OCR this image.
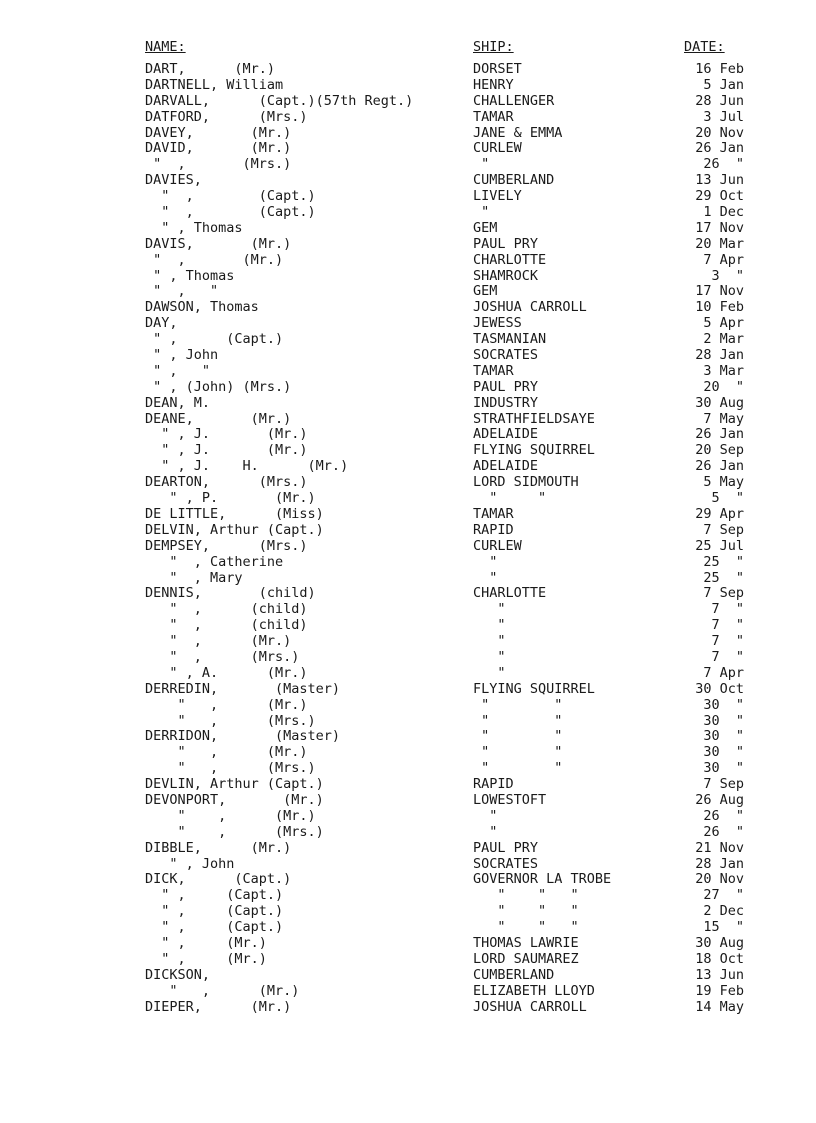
NAME:	SHIP:	DATE:
DART,      (Mr.)	DORSET	16 Feb
DARTNELL, William	HENRY	5 Jan
DARVALL,      (Capt.)(57th Regt.)	CHALLENGER	28 Jun
DATFORD,      (Mrs.)	TAMAR	3 Jul
DAVEY,       (Mr.)	JANE & EMMA	20 Nov
DAVID,       (Mr.)	CURLEW	26 Jan
"  ,       (Mrs.)	"	26  "
DAVIES,	CUMBERLAND	13 Jun
"  ,        (Capt.)	LIVELY	29 Oct
"  ,        (Capt.)	"	1 Dec
" , Thomas	GEM	17 Nov
DAVIS,       (Mr.)	PAUL PRY	20 Mar
"  ,       (Mr.)	CHARLOTTE	7 Apr
" , Thomas	SHAMROCK	3  "
"  ,   "	GEM	17 Nov
DAWSON, Thomas	JOSHUA CARROLL	10 Feb
DAY,	JEWESS	5 Apr
" ,      (Capt.)	TASMANIAN	2 Mar
" , John	SOCRATES	28 Jan
" ,   "	TAMAR	3 Mar
" , (John) (Mrs.)	PAUL PRY	20  "
DEAN, M.	INDUSTRY	30 Aug
DEANE,       (Mr.)	STRATHFIELDSAYE	7 May
" , J.       (Mr.)	ADELAIDE	26 Jan
" , J.       (Mr.)	FLYING SQUIRREL	20 Sep
" , J.    H.      (Mr.)	ADELAIDE	26 Jan
DEARTON,      (Mrs.)	LORD SIDMOUTH	5 May
" , P.       (Mr.)	"     "	5  "
DE LITTLE,      (Miss)	TAMAR	29 Apr
DELVIN, Arthur (Capt.)	RAPID	7 Sep
DEMPSEY,      (Mrs.)	CURLEW	25 Jul
"  , Catherine	"	25  "
"  , Mary	"	25  "
DENNIS,       (child)	CHARLOTTE	7 Sep
"  ,      (child)	"	7  "
"  ,      (child)	"	7  "
"  ,      (Mr.)	"	7  "
"  ,      (Mrs.)	"	7  "
" , A.      (Mr.)	"	7 Apr
DERREDIN,       (Master)	FLYING SQUIRREL	30 Oct
"   ,      (Mr.)	"        "	30  "
"   ,      (Mrs.)	"        "	30  "
DERRIDON,       (Master)	"        "	30  "
"   ,      (Mr.)	"        "	30  "
"   ,      (Mrs.)	"        "	30  "
DEVLIN, Arthur (Capt.)	RAPID	7 Sep
DEVONPORT,       (Mr.)	LOWESTOFT	26 Aug
"    ,      (Mr.)	"	26  "
"    ,      (Mrs.)	"	26  "
DIBBLE,      (Mr.)	PAUL PRY	21 Nov
" , John	SOCRATES	28 Jan
DICK,      (Capt.)	GOVERNOR LA TROBE	20 Nov
" ,     (Capt.)	"    "   "	27  "
" ,     (Capt.)	"    "   "	2 Dec
" ,     (Capt.)	"    "   "	15  "
" ,     (Mr.)	THOMAS LAWRIE	30 Aug
" ,     (Mr.)	LORD SAUMAREZ	18 Oct
DICKSON,	CUMBERLAND	13 Jun
"   ,      (Mr.)	ELIZABETH LLOYD	19 Feb
DIEPER,      (Mr.)	JOSHUA CARROLL	14 May
